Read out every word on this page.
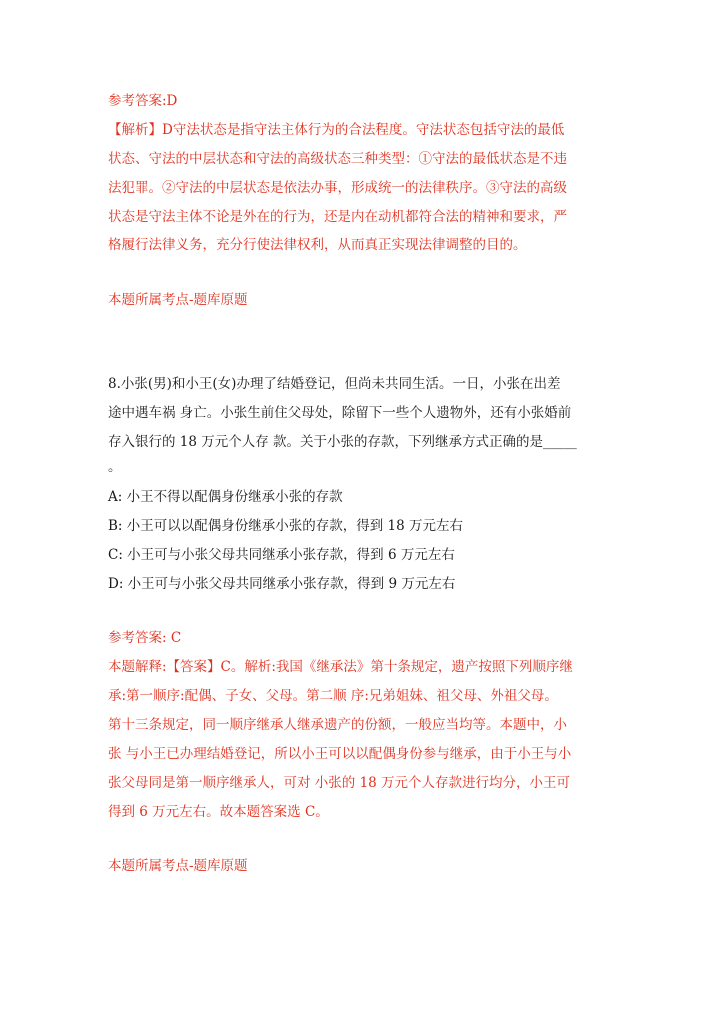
参考答案:D
【解析】D守法状态是指守法主体行为的合法程度。守法状态包括守法的最低
状态、守法的中层状态和守法的高级状态三种类型：①守法的最低状态是不违
法犯罪。②守法的中层状态是依法办事，形成统一的法律秩序。③守法的高级
状态是守法主体不论是外在的行为，还是内在动机都符合法的精神和要求，严
格履行法律义务，充分行使法律权利，从而真正实现法律调整的目的。
本题所属考点-题库原题
8.小张(男)和小王(女)办理了结婚登记，但尚未共同生活。一日，小张在出差
途中遇车祸 身亡。小张生前住父母处，除留下一些个人遗物外，还有小张婚前
存入银行的 18 万元个人存 款。关于小张的存款，下列继承方式正确的是_____
。
A: 小王不得以配偶身份继承小张的存款
B: 小王可以以配偶身份继承小张的存款，得到 18 万元左右
C: 小王可与小张父母共同继承小张存款，得到 6 万元左右
D: 小王可与小张父母共同继承小张存款，得到 9 万元左右
参考答案: C
本题解释:【答案】C。解析:我国《继承法》第十条规定，遗产按照下列顺序继
承:第一顺序:配偶、子女、父母。第二顺 序:兄弟姐妹、祖父母、外祖父母。
第十三条规定，同一顺序继承人继承遗产的份额，一般应当均等。本题中，小
张 与小王已办理结婚登记，所以小王可以以配偶身份参与继承，由于小王与小
张父母同是第一顺序继承人，可对 小张的 18 万元个人存款进行均分，小王可
得到 6 万元左右。故本题答案选 C。
本题所属考点-题库原题
